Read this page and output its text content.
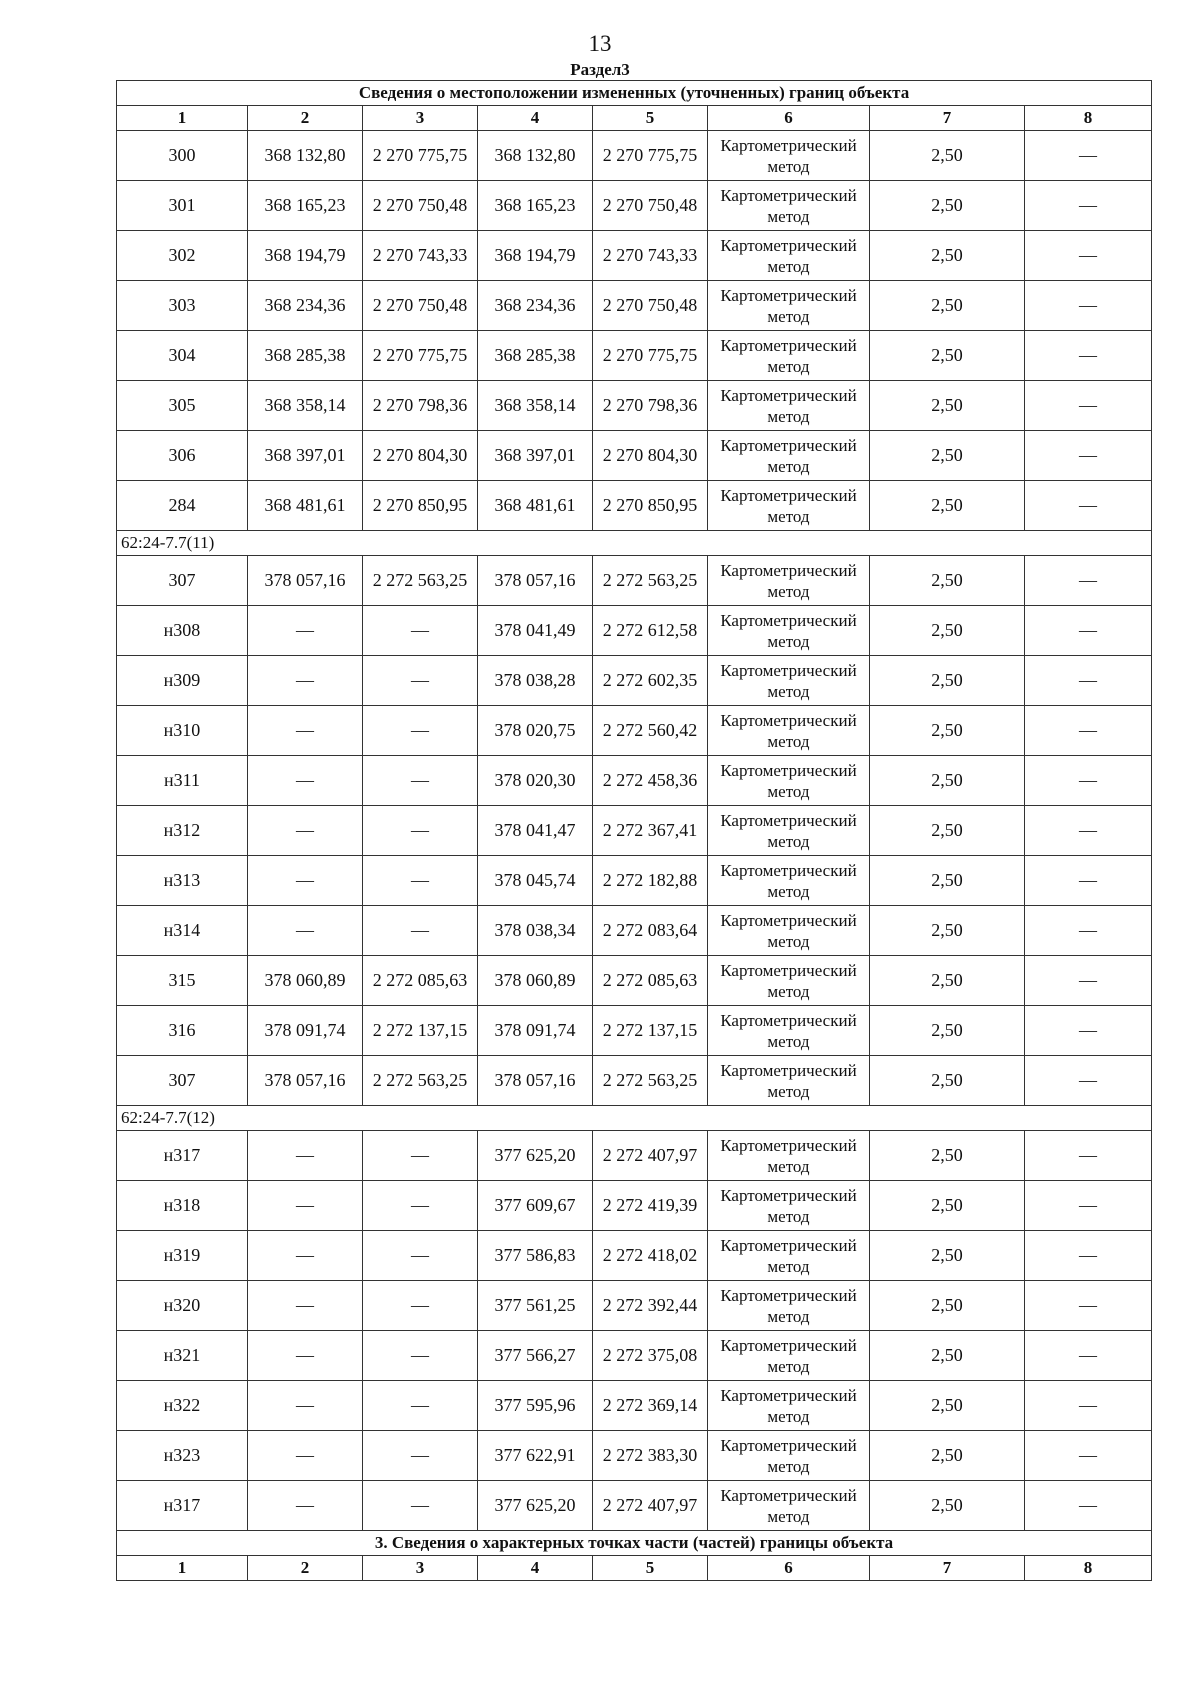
13
Раздел3
Сведения о местоположении измененных (уточненных) границ объекта							
1	2	3	4	5	6	7	8
300	368 132,80	2 270 775,75	368 132,80	2 270 775,75	Картометрический метод	2,50	—
301	368 165,23	2 270 750,48	368 165,23	2 270 750,48	Картометрический метод	2,50	—
302	368 194,79	2 270 743,33	368 194,79	2 270 743,33	Картометрический метод	2,50	—
303	368 234,36	2 270 750,48	368 234,36	2 270 750,48	Картометрический метод	2,50	—
304	368 285,38	2 270 775,75	368 285,38	2 270 775,75	Картометрический метод	2,50	—
305	368 358,14	2 270 798,36	368 358,14	2 270 798,36	Картометрический метод	2,50	—
306	368 397,01	2 270 804,30	368 397,01	2 270 804,30	Картометрический метод	2,50	—
284	368 481,61	2 270 850,95	368 481,61	2 270 850,95	Картометрический метод	2,50	—
62:24-7.7(11)							
307	378 057,16	2 272 563,25	378 057,16	2 272 563,25	Картометрический метод	2,50	—
н308	—	—	378 041,49	2 272 612,58	Картометрический метод	2,50	—
н309	—	—	378 038,28	2 272 602,35	Картометрический метод	2,50	—
н310	—	—	378 020,75	2 272 560,42	Картометрический метод	2,50	—
н311	—	—	378 020,30	2 272 458,36	Картометрический метод	2,50	—
н312	—	—	378 041,47	2 272 367,41	Картометрический метод	2,50	—
н313	—	—	378 045,74	2 272 182,88	Картометрический метод	2,50	—
н314	—	—	378 038,34	2 272 083,64	Картометрический метод	2,50	—
315	378 060,89	2 272 085,63	378 060,89	2 272 085,63	Картометрический метод	2,50	—
316	378 091,74	2 272 137,15	378 091,74	2 272 137,15	Картометрический метод	2,50	—
307	378 057,16	2 272 563,25	378 057,16	2 272 563,25	Картометрический метод	2,50	—
62:24-7.7(12)							
н317	—	—	377 625,20	2 272 407,97	Картометрический метод	2,50	—
н318	—	—	377 609,67	2 272 419,39	Картометрический метод	2,50	—
н319	—	—	377 586,83	2 272 418,02	Картометрический метод	2,50	—
н320	—	—	377 561,25	2 272 392,44	Картометрический метод	2,50	—
н321	—	—	377 566,27	2 272 375,08	Картометрический метод	2,50	—
н322	—	—	377 595,96	2 272 369,14	Картометрический метод	2,50	—
н323	—	—	377 622,91	2 272 383,30	Картометрический метод	2,50	—
н317	—	—	377 625,20	2 272 407,97	Картометрический метод	2,50	—
3. Сведения о характерных точках части (частей) границы объекта							
1	2	3	4	5	6	7	8
